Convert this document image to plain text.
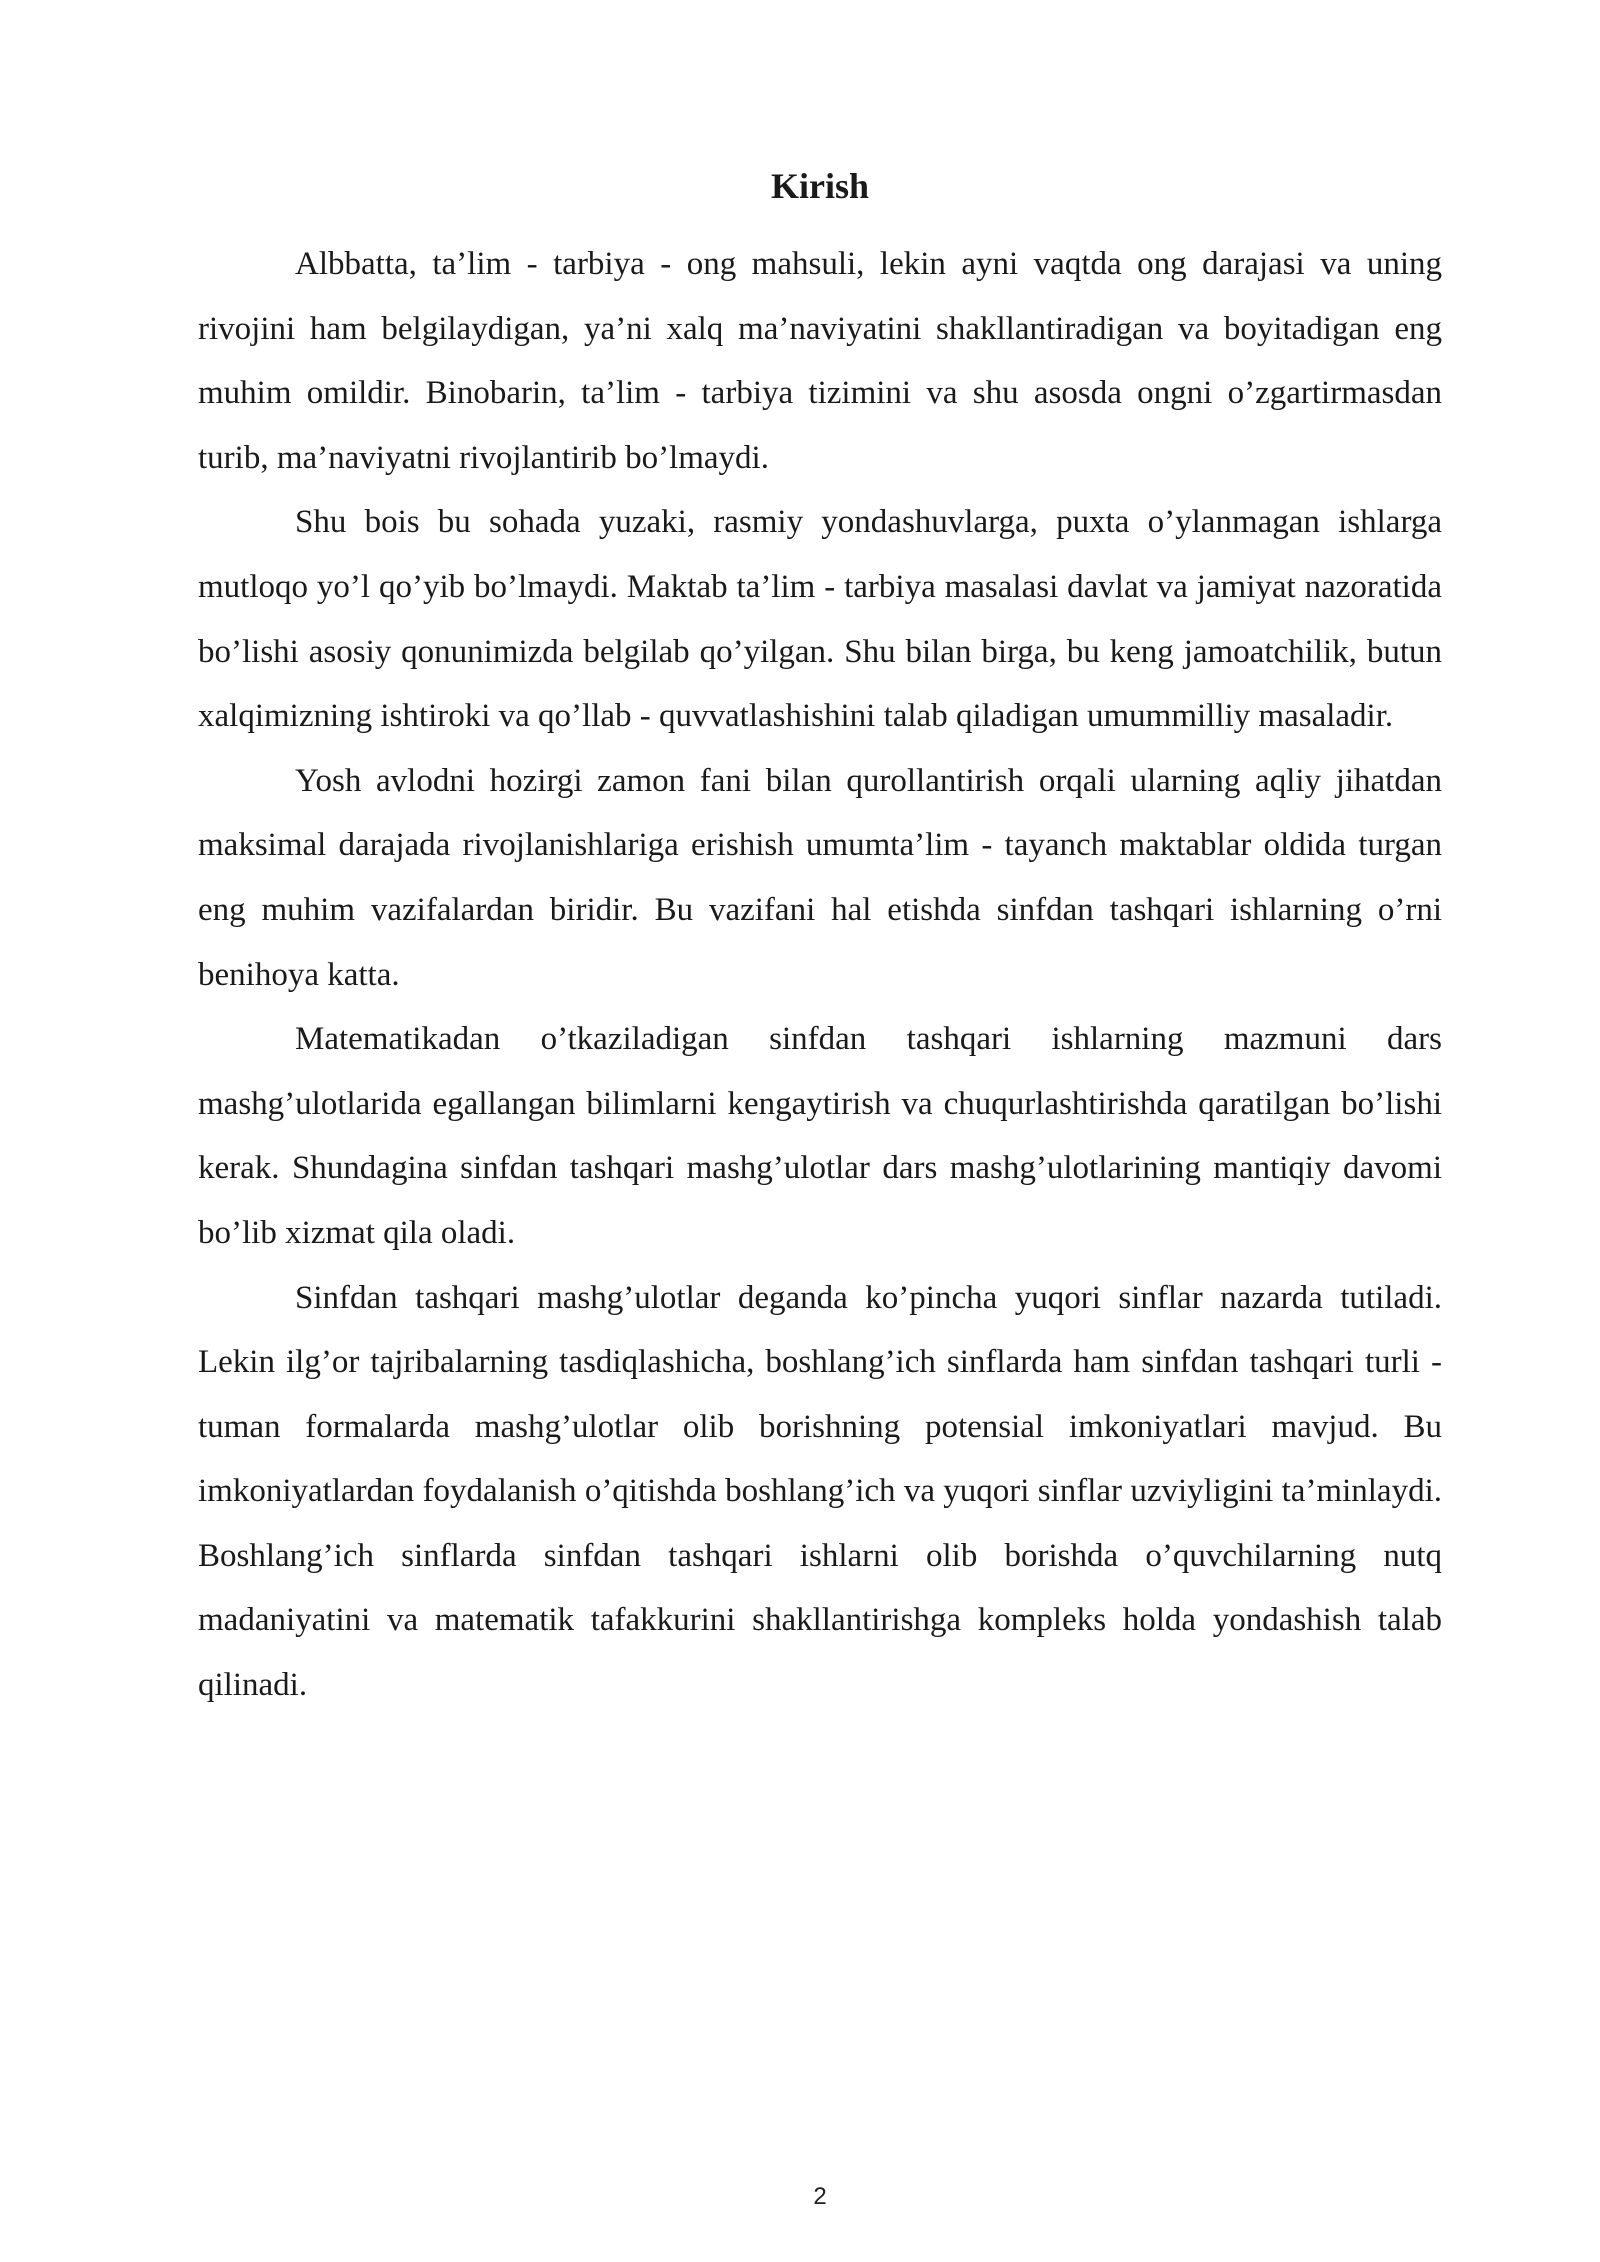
Kirish

Albbatta, ta’lim - tarbiya - ong mahsuli, lekin ayni vaqtda ong darajasi va uning rivojini ham belgilaydigan, ya’ni xalq ma’naviyatini shakllantiradigan va boyitadigan eng muhim omildir. Binobarin, ta’lim - tarbiya tizimini va shu asosda ongni o’zgartirmasdan turib, ma’naviyatni rivojlantirib bo’lmaydi.

Shu bois bu sohada yuzaki, rasmiy yondashuvlarga, puxta o’ylanmagan ishlarga mutloqo yo’l qo’yib bo’lmaydi. Maktab ta’lim - tarbiya masalasi davlat va jamiyat nazoratida bo’lishi asosiy qonunimizda belgilab qo’yilgan. Shu bilan birga, bu keng jamoatchilik, butun xalqimizning ishtiroki va qo’llab - quvvatlashishini talab qiladigan umummilliy masaladir.

Yosh avlodni hozirgi zamon fani bilan qurollantirish orqali ularning aqliy jihatdan maksimal darajada rivojlanishlariga erishish umumta’lim - tayanch maktablar oldida turgan eng muhim vazifalardan biridir. Bu vazifani hal etishda sinfdan tashqari ishlarning o’rni benihoya katta.

Matematikadan o’tkaziladigan sinfdan tashqari ishlarning mazmuni dars mashg’ulotlarida egallangan bilimlarni kengaytirish va chuqurlashtirishda qaratilgan bo’lishi kerak. Shundagina sinfdan tashqari mashg’ulotlar dars mashg’ulotlarining mantiqiy davomi bo’lib xizmat qila oladi.

Sinfdan tashqari mashg’ulotlar deganda ko’pincha yuqori sinflar nazarda tutiladi. Lekin ilg’or tajribalarning tasdiqlashicha, boshlang’ich sinflarda ham sinfdan tashqari turli - tuman formalarda mashg’ulotlar olib borishning potensial imkoniyatlari mavjud. Bu imkoniyatlardan foydalanish o’qitishda boshlang’ich va yuqori sinflar uzviyligini ta’minlaydi. Boshlang’ich sinflarda sinfdan tashqari ishlarni olib borishda o’quvchilarning nutq madaniyatini va matematik tafakkurini shakllantirishga kompleks holda yondashish talab qilinadi.

2
